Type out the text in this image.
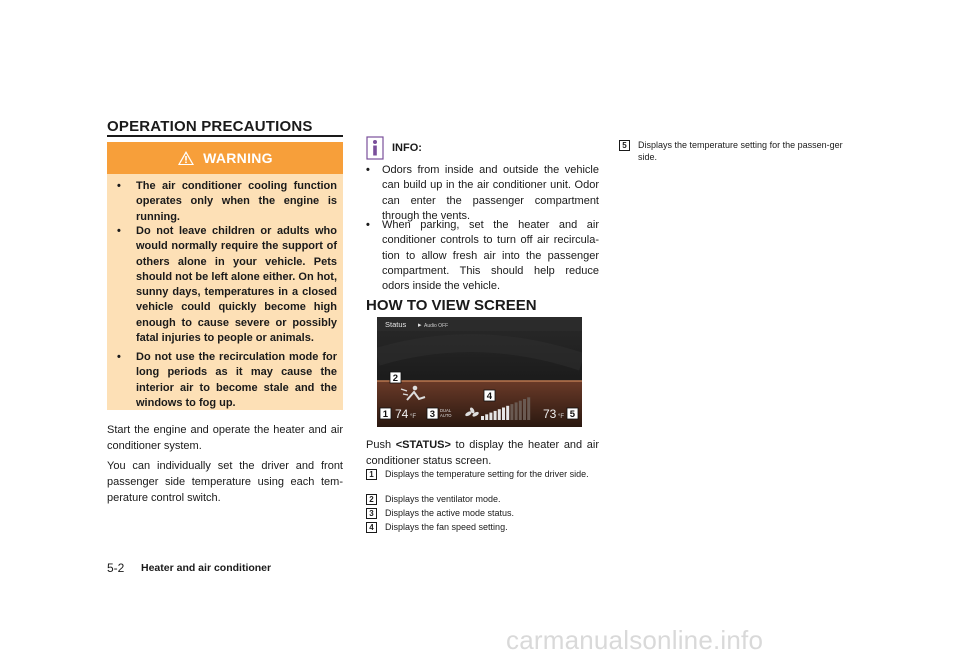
OPERATION PRECAUTIONS
WARNING
• The air conditioner cooling function operates only when the engine is running.
• Do not leave children or adults who would normally require the support of others alone in your vehicle. Pets should not be left alone either. On hot, sunny days, temperatures in a closed vehicle could quickly become high enough to cause severe or possibly fatal injuries to people or animals.
• Do not use the recirculation mode for long periods as it may cause the interior air to become stale and the windows to fog up.
Start the engine and operate the heater and air conditioner system.
You can individually set the driver and front passenger side temperature using each tem-perature control switch.
INFO:
• Odors from inside and outside the vehicle can build up in the air conditioner unit. Odor can enter the passenger compartment through the vents.
• When parking, set the heater and air conditioner controls to turn off air recircula-tion to allow fresh air into the passenger compartment. This should help reduce odors inside the vehicle.
HOW TO VIEW SCREEN
Status ▸ Audio OFF
74 °F	73 °F
DUAL
AUTO
2
1	3
4
5
Push <STATUS> to display the heater and air conditioner status screen.
1	Displays the temperature setting for the driver side.
2	Displays the ventilator mode.
3	Displays the active mode status.
4	Displays the fan speed setting.
5	Displays the temperature setting for the passen-ger side.
5-2 Heater and air conditioner
carmanualsonline.info
